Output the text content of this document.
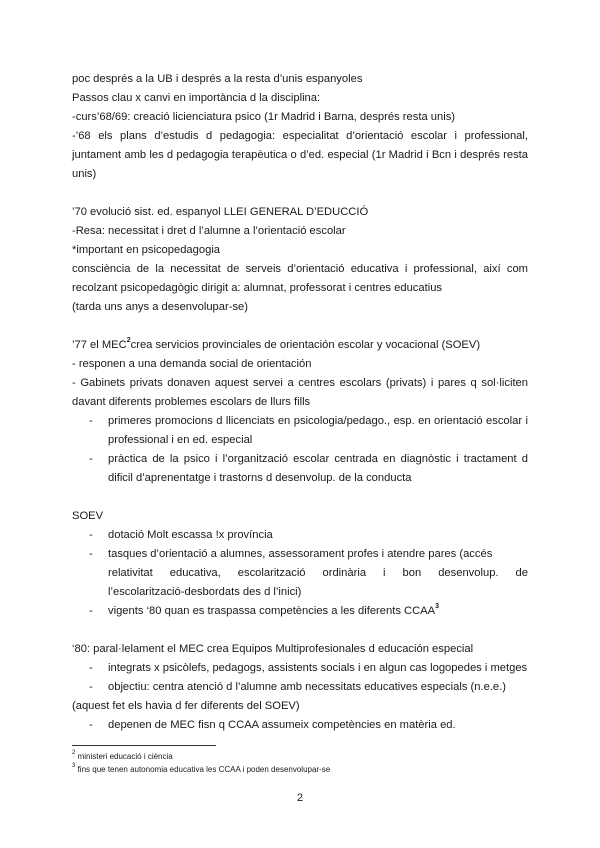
poc després a la UB i després a la resta d’unis espanyoles
Passos clau x canvi en importància d la disciplina:
-curs’68/69: creació licienciatura psico (1r Madrid i Barna, després resta unis)
-’68 els plans d’estudis d pedagogia: especialitat d’orientació escolar i professional, juntament amb les d pedagogia terapèutica o d’ed. especial (1r Madrid i Bcn i després resta unis)
’70 evolució sist. ed. espanyol LLEI GENERAL D’EDUCCIÓ
-Resa: necessitat i dret d l’alumne a l’orientació escolar
*important en psicopedagogia
consciència de la necessitat de serveis d’orientació educativa i professional, així com recolzant psicopedagògic dirigit a: alumnat, professorat i centres educatius
(tarda uns anys a desenvolupar-se)
’77 el MEC$^2$crea servicios provinciales de orientación escolar y vocacional (SOEV)
- responen a una demanda social de orientación
- Gabinets privats donaven aquest servei a centres escolars (privats) i pares q sol·liciten davant diferents problemes escolars de llurs fills
- primeres promocions d llicenciats en psicologia/pedago., esp. en orientació escolar i professional i en ed. especial
- pràctica de la psico i l’organització escolar centrada en diagnòstic i tractament d dificil d’aprenentatge i trastorns d desenvolup. de la conducta
SOEV
- dotació Molt escassa !x província
- tasques d’orientació a alumnes, assessorament profes i atendre pares (accés
relativitat educativa, escolarització ordinària i bon desenvolup. de
l’escolarització-desbordats des d l’inici)
- vigents ‘80 quan es traspassa competències a les diferents CCAA$^3$
‘80: paral·lelament el MEC crea Equipos Multiprofesionales d educación especial
- integrats x psicòlefs, pedagogs, assistents socials i en algun cas logopedes i metges
- objectiu: centra atenció d l’alumne amb necessitats educatives especials (n.e.e.)
(aquest fet els havia d fer diferents del SOEV)
- depenen de MEC fisn q CCAA assumeix competències en matèria ed.
$^2$ ministeri educació i ciència
$^3$ fins que tenen autonomia educativa les CCAA i poden desenvolupar-se
2
